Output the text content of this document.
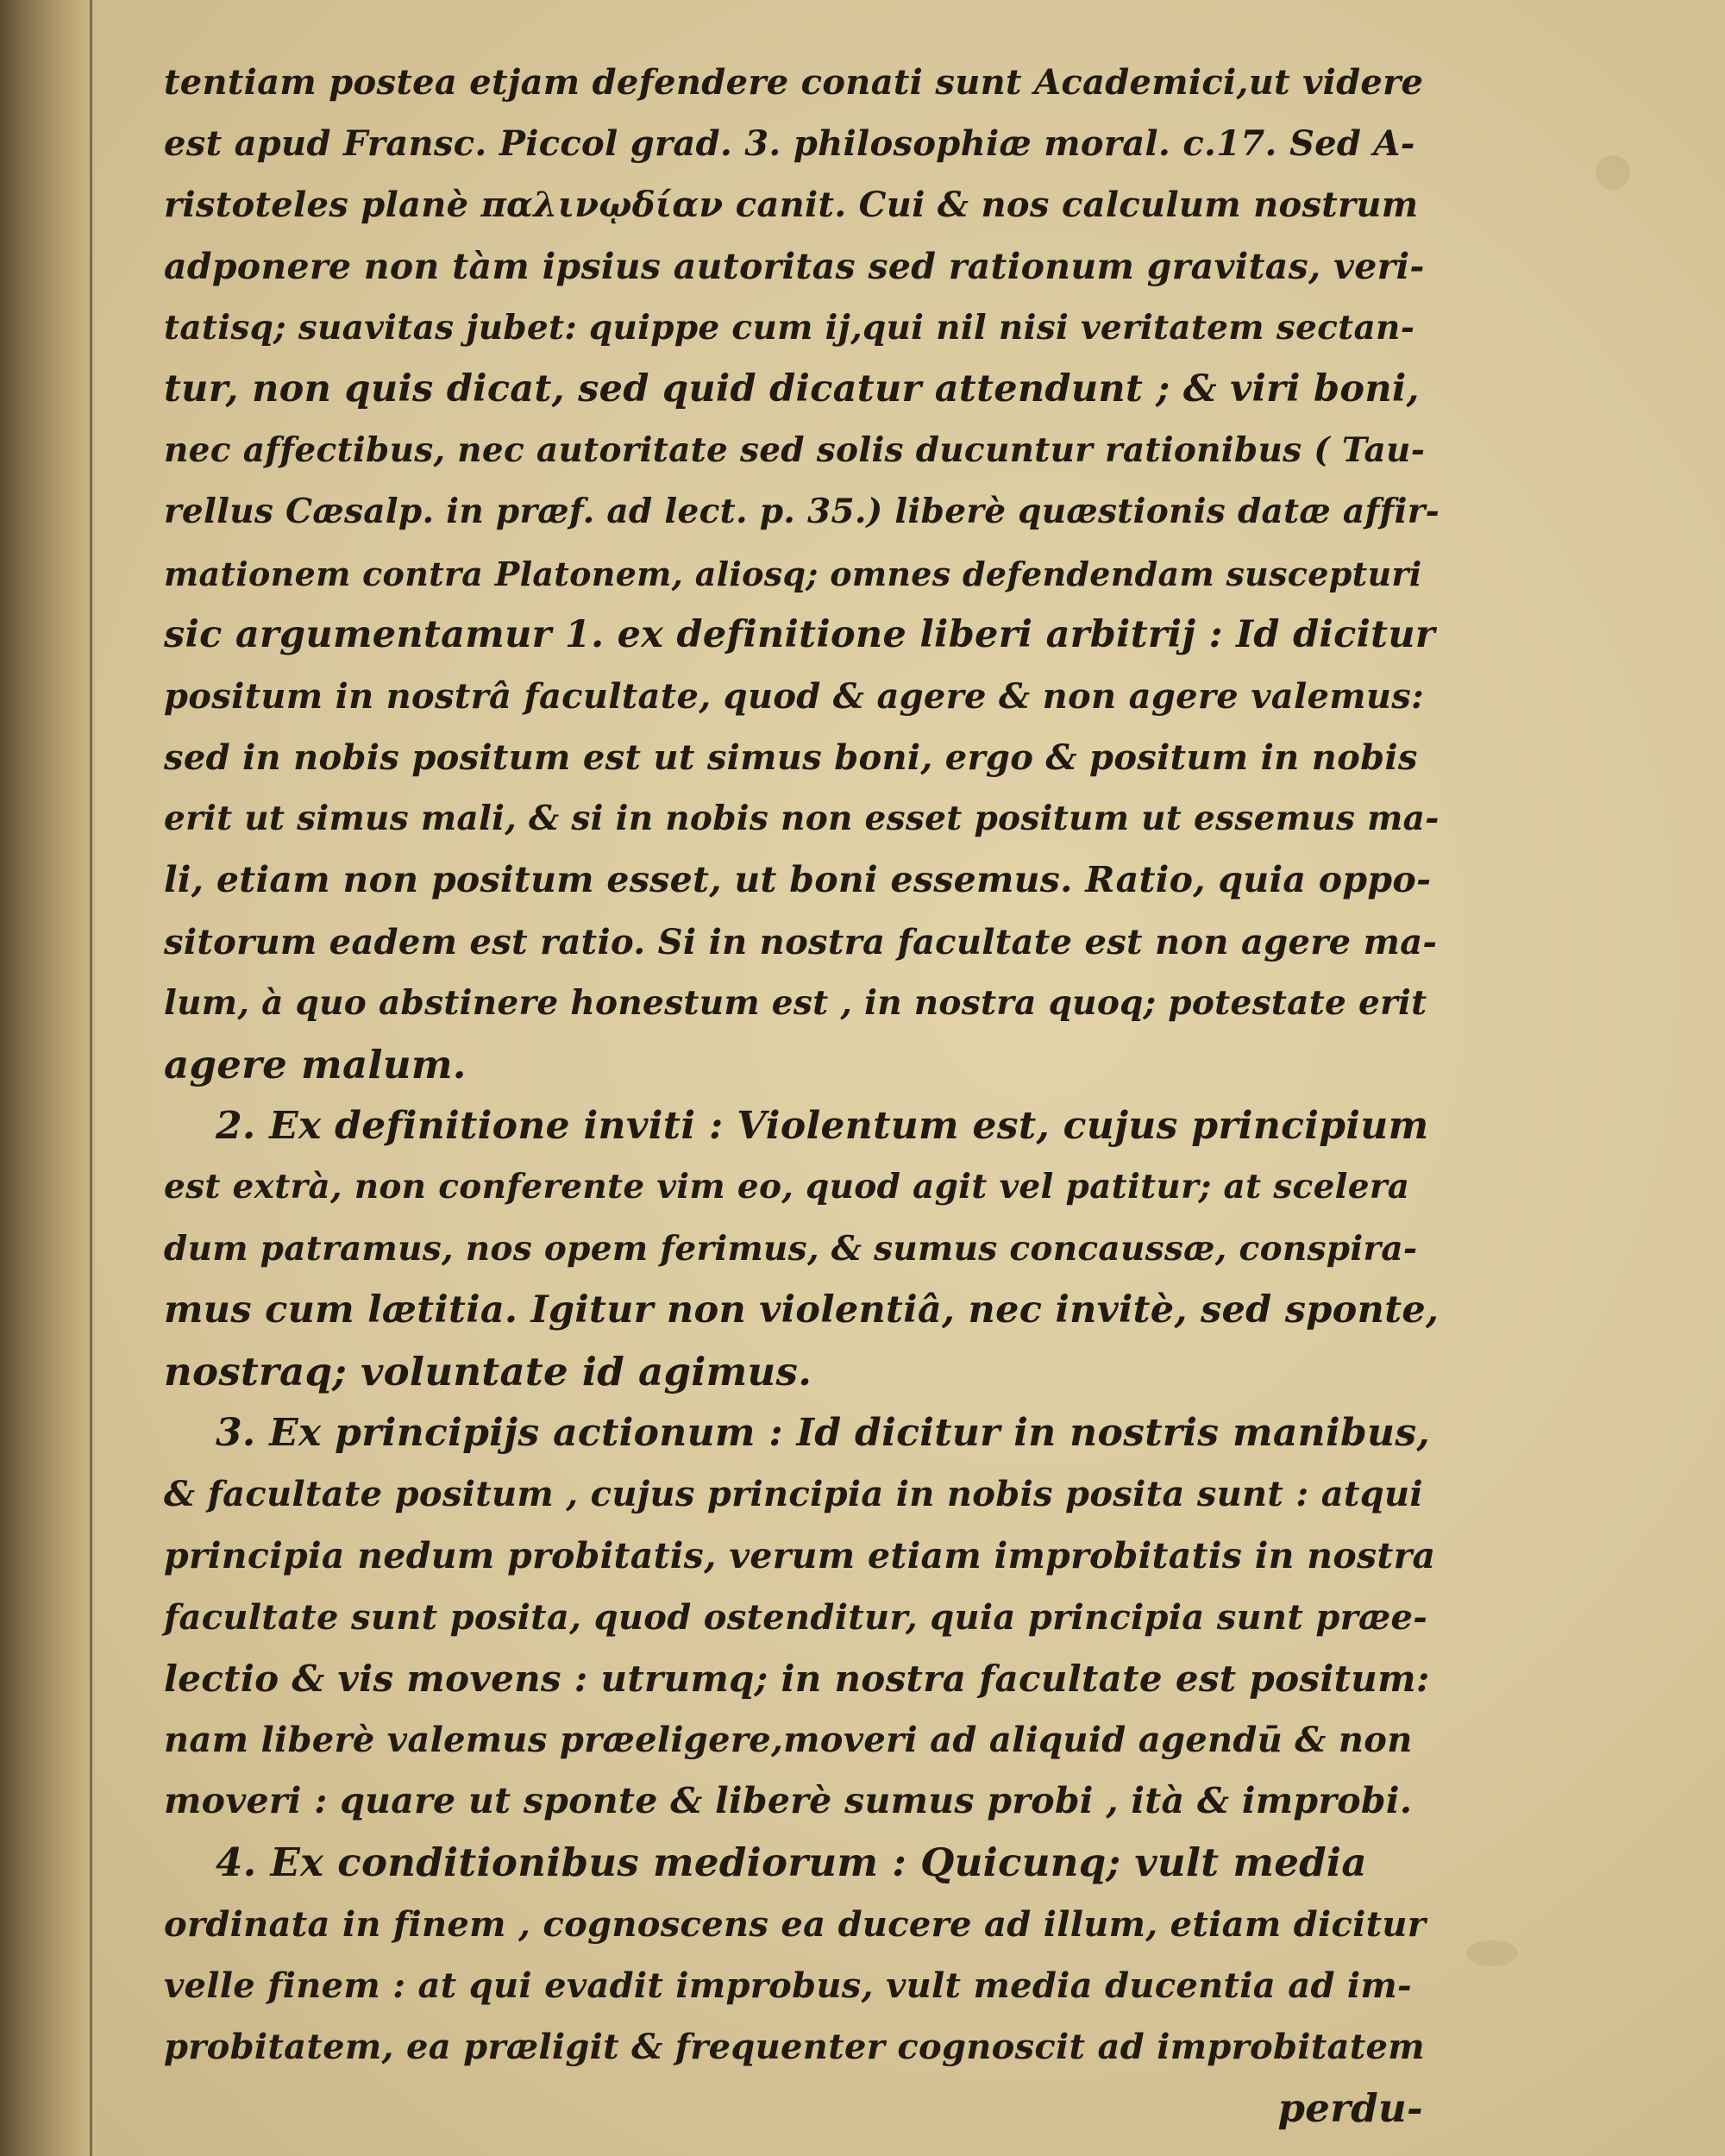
tentiam postea etjam defendere conati sunt Academici,ut videre
est apud Fransc. Piccol grad. 3. philosophiæ moral. c.17. Sed A-
ristoteles planè παλινῳδίαν canit. Cui & nos calculum nostrum
adponere non tàm ipsius autoritas sed rationum gravitas, veri-
tatisq; suavitas jubet: quippe cum ij,qui nil nisi veritatem sectan-
tur, non quis dicat, sed quid dicatur attendunt ; & viri boni,
nec affectibus, nec autoritate sed solis ducuntur rationibus ( Tau-
rellus Cæsalp. in præf. ad lect. p. 35.) liberè quæstionis datæ affir-
mationem contra Platonem, aliosq; omnes defendendam suscepturi
sic argumentamur 1. ex definitione liberi arbitrij : Id dicitur
positum in nostrâ facultate, quod & agere & non agere valemus:
sed in nobis positum est ut simus boni, ergo & positum in nobis
erit ut simus mali, & si in nobis non esset positum ut essemus ma-
li, etiam non positum esset, ut boni essemus. Ratio, quia oppo-
sitorum eadem est ratio. Si in nostra facultate est non agere ma-
lum, à quo abstinere honestum est , in nostra quoq; potestate erit
agere malum.
2. Ex definitione inviti : Violentum est, cujus principium
est extrà, non conferente vim eo, quod agit vel patitur; at scelera
dum patramus, nos opem ferimus, & sumus concaussæ, conspira-
mus cum lætitia. Igitur non violentiâ, nec invitè, sed sponte,
nostraq; voluntate id agimus.
3. Ex principijs actionum : Id dicitur in nostris manibus,
& facultate positum , cujus principia in nobis posita sunt : atqui
principia nedum probitatis, verum etiam improbitatis in nostra
facultate sunt posita, quod ostenditur, quia principia sunt præe-
lectio & vis movens : utrumq; in nostra facultate est positum:
nam liberè valemus præeligere,moveri ad aliquid agendū & non
moveri : quare ut sponte & liberè sumus probi , ità & improbi.
4. Ex conditionibus mediorum : Quicunq; vult media
ordinata in finem , cognoscens ea ducere ad illum, etiam dicitur
velle finem : at qui evadit improbus, vult media ducentia ad im-
probitatem, ea præligit & frequenter cognoscit ad improbitatem
perdu-
